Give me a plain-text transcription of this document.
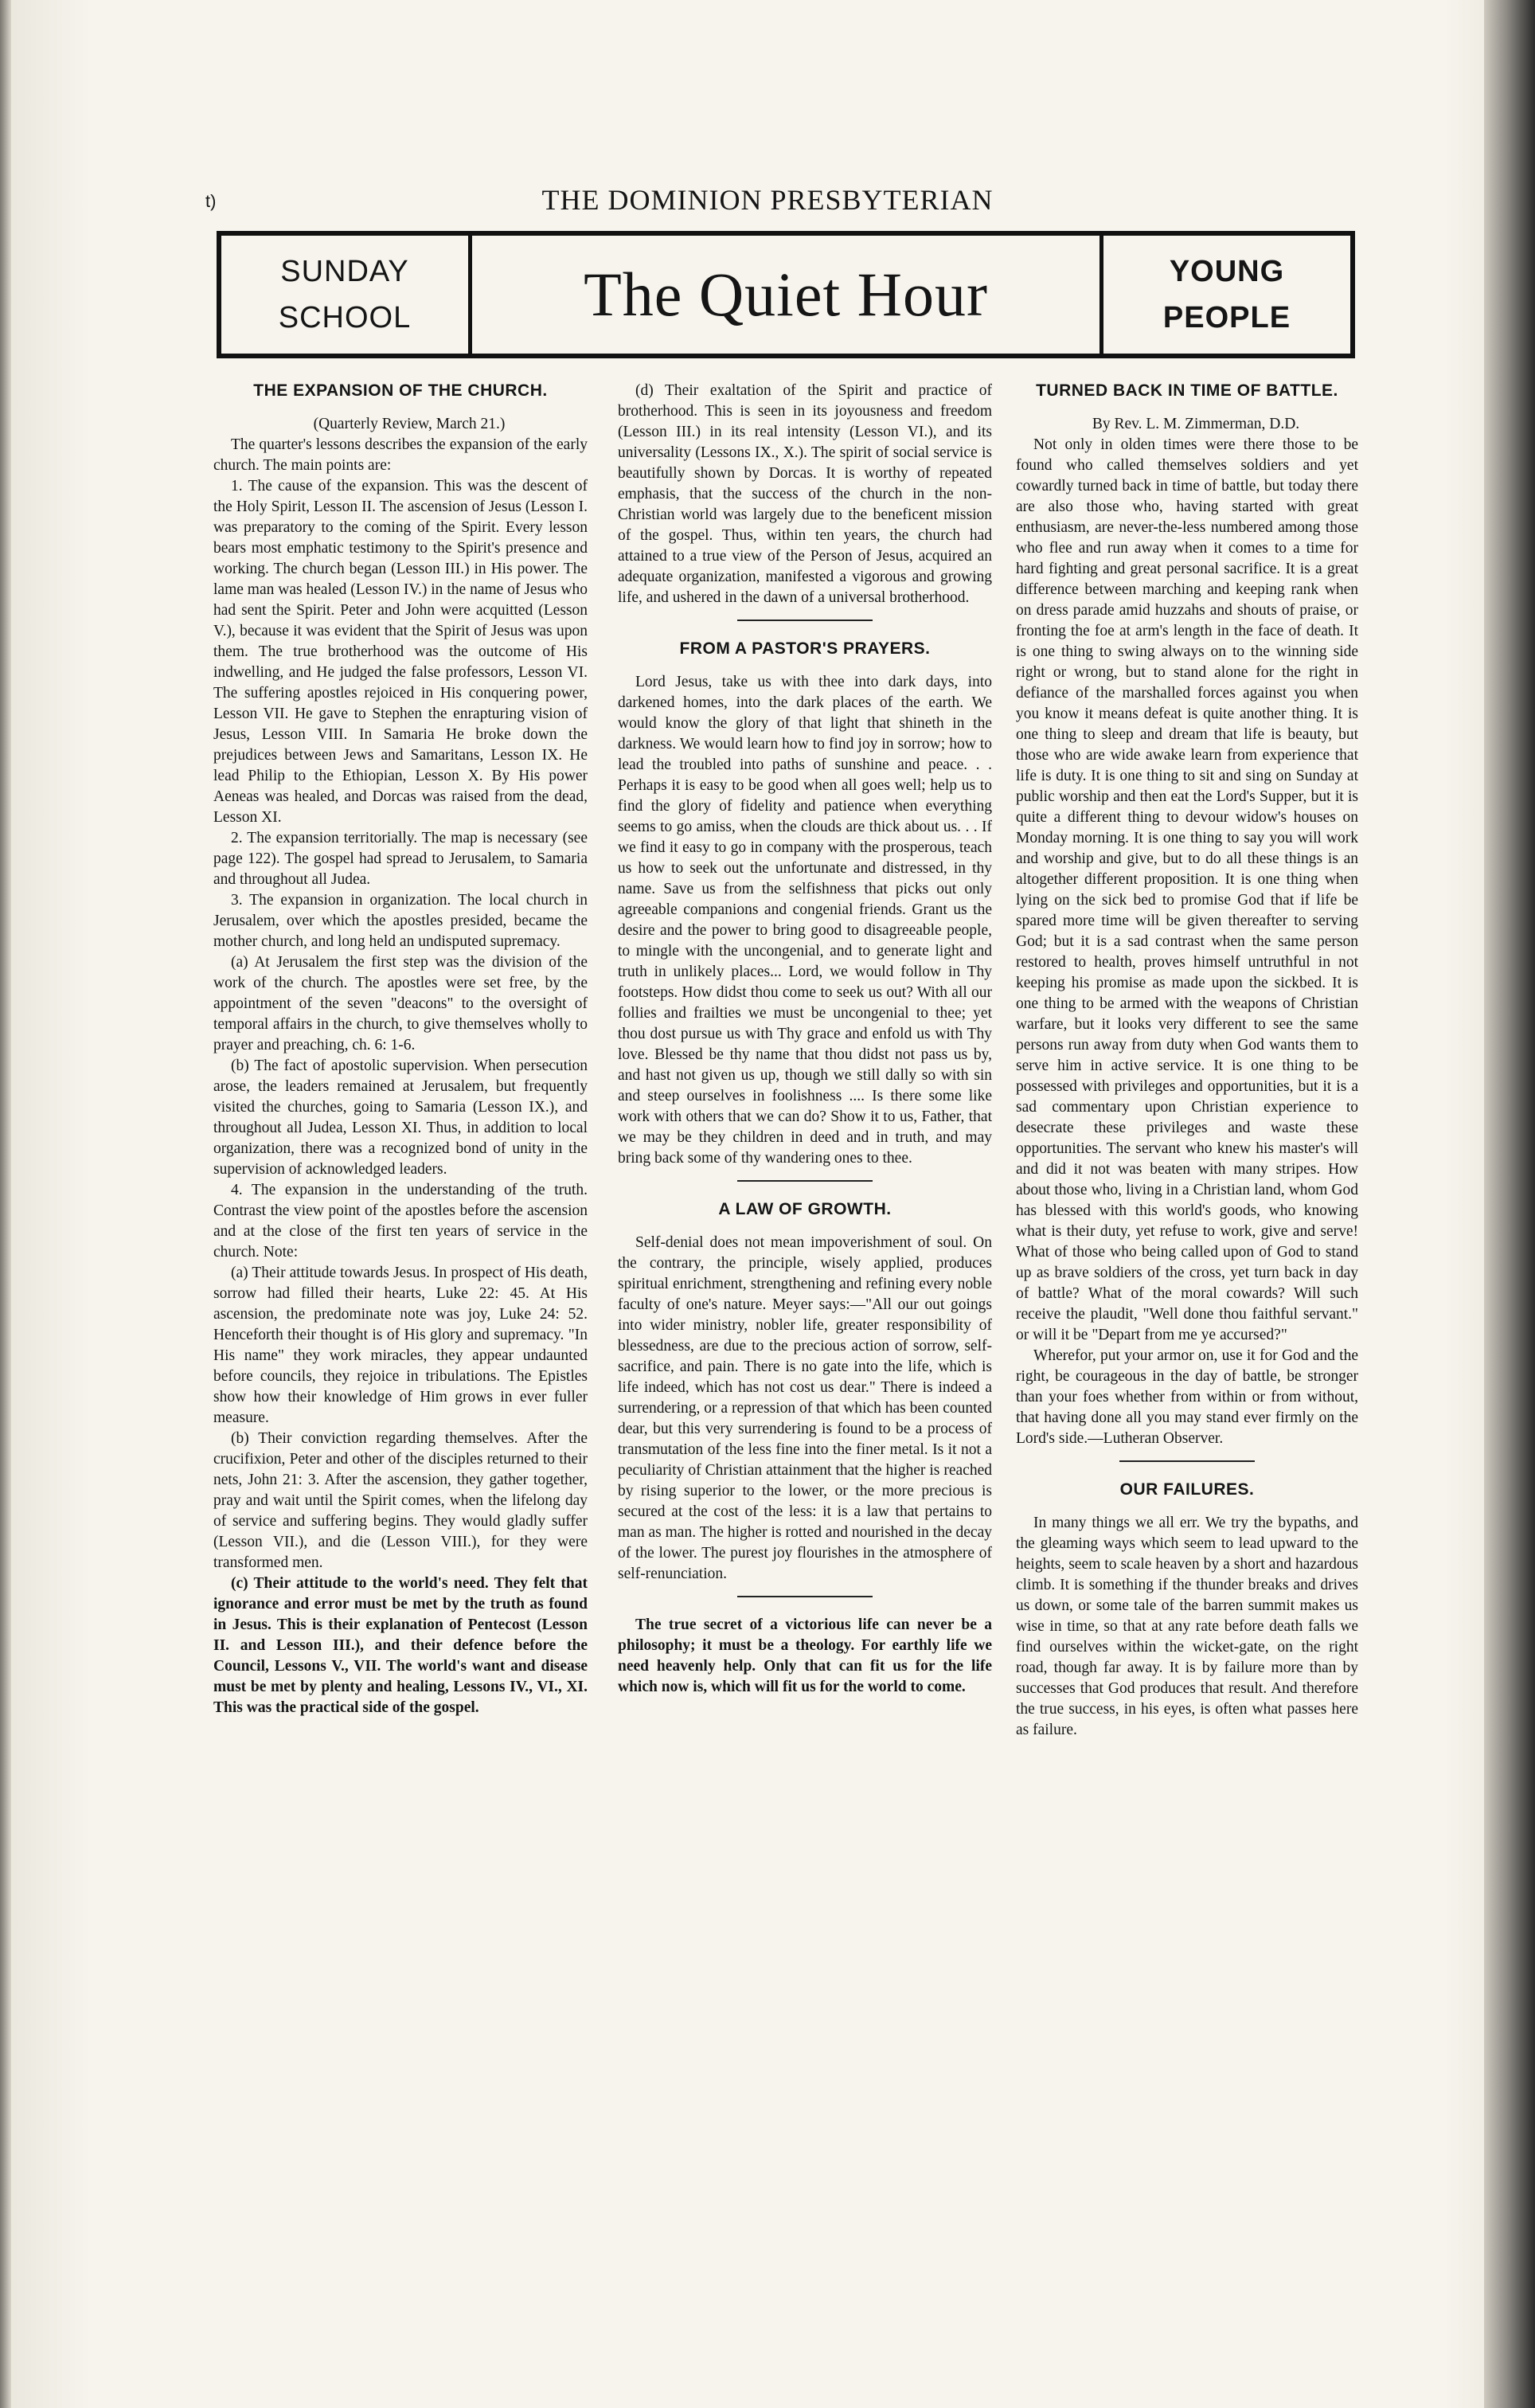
t)	THE DOMINION PRESBYTERIAN
SUNDAY
SCHOOL	The Quiet Hour	YOUNG
PEOPLE
THE EXPANSION OF THE CHURCH.

(Quarterly Review, March 21.)

The quarter's lessons describes the expansion of the early church. The main points are:

1. The cause of the expansion. This was the descent of the Holy Spirit, Lesson II. The ascension of Jesus (Lesson I. was preparatory to the coming of the Spirit. Every lesson bears most emphatic testimony to the Spirit's presence and working. The church began (Lesson III.) in His power. The lame man was healed (Lesson IV.) in the name of Jesus who had sent the Spirit. Peter and John were acquitted (Lesson V.), because it was evident that the Spirit of Jesus was upon them. The true brotherhood was the outcome of His indwelling, and He judged the false professors, Lesson VI. The suffering apostles rejoiced in His conquering power, Lesson VII. He gave to Stephen the enrapturing vision of Jesus, Lesson VIII. In Samaria He broke down the prejudices between Jews and Samaritans, Lesson IX. He lead Philip to the Ethiopian, Lesson X. By His power Aeneas was healed, and Dorcas was raised from the dead, Lesson XI.

2. The expansion territorially. The map is necessary (see page 122). The gospel had spread to Jerusalem, to Samaria and throughout all Judea.

3. The expansion in organization. The local church in Jerusalem, over which the apostles presided, became the mother church, and long held an undisputed supremacy.

(a) At Jerusalem the first step was the division of the work of the church. The apostles were set free, by the appointment of the seven "deacons" to the oversight of temporal affairs in the church, to give themselves wholly to prayer and preaching, ch. 6: 1-6.

(b) The fact of apostolic supervision. When persecution arose, the leaders remained at Jerusalem, but frequently visited the churches, going to Samaria (Lesson IX.), and throughout all Judea, Lesson XI. Thus, in addition to local organization, there was a recognized bond of unity in the supervision of acknowledged leaders.

4. The expansion in the understanding of the truth. Contrast the view point of the apostles before the ascension and at the close of the first ten years of service in the church. Note:

(a) Their attitude towards Jesus. In prospect of His death, sorrow had filled their hearts, Luke 22: 45. At His ascension, the predominate note was joy, Luke 24: 52. Henceforth their thought is of His glory and supremacy. "In His name" they work miracles, they appear undaunted before councils, they rejoice in tribulations. The Epistles show how their knowledge of Him grows in ever fuller measure.

(b) Their conviction regarding themselves. After the crucifixion, Peter and other of the disciples returned to their nets, John 21: 3. After the ascension, they gather together, pray and wait until the Spirit comes, when the lifelong day of service and suffering begins. They would gladly suffer (Lesson VII.), and die (Lesson VIII.), for they were transformed men.

(c) Their attitude to the world's need. They felt that ignorance and error must be met by the truth as found in Jesus. This is their explanation of Pentecost (Lesson II. and Lesson III.), and their defence before the Council, Lessons V., VII. The world's want and disease must be met by plenty and healing, Lessons IV., VI., XI. This was the practical side of the gospel.

(d) Their exaltation of the Spirit and practice of brotherhood. This is seen in its joyousness and freedom (Lesson III.) in its real intensity (Lesson VI.), and its universality (Lessons IX., X.). The spirit of social service is beautifully shown by Dorcas. It is worthy of repeated emphasis, that the success of the church in the non-Christian world was largely due to the beneficent mission of the gospel. Thus, within ten years, the church had attained to a true view of the Person of Jesus, acquired an adequate organization, manifested a vigorous and growing life, and ushered in the dawn of a universal brotherhood.

FROM A PASTOR'S PRAYERS.

Lord Jesus, take us with thee into dark days, into darkened homes, into the dark places of the earth. We would know the glory of that light that shineth in the darkness. We would learn how to find joy in sorrow; how to lead the troubled into paths of sunshine and peace. . . Perhaps it is easy to be good when all goes well; help us to find the glory of fidelity and patience when everything seems to go amiss, when the clouds are thick about us. . . If we find it easy to go in company with the prosperous, teach us how to seek out the unfortunate and distressed, in thy name. Save us from the selfishness that picks out only agreeable companions and congenial friends. Grant us the desire and the power to bring good to disagreeable people, to mingle with the uncongenial, and to generate light and truth in unlikely places... Lord, we would follow in Thy footsteps. How didst thou come to seek us out? With all our follies and frailties we must be uncongenial to thee; yet thou dost pursue us with Thy grace and enfold us with Thy love. Blessed be thy name that thou didst not pass us by, and hast not given us up, though we still dally so with sin and steep ourselves in foolishness .... Is there some like work with others that we can do? Show it to us, Father, that we may be they children in deed and in truth, and may bring back some of thy wandering ones to thee.

A LAW OF GROWTH.

Self-denial does not mean impoverishment of soul. On the contrary, the principle, wisely applied, produces spiritual enrichment, strengthening and refining every noble faculty of one's nature. Meyer says:—"All our out goings into wider ministry, nobler life, greater responsibility of blessedness, are due to the precious action of sorrow, self-sacrifice, and pain. There is no gate into the life, which is life indeed, which has not cost us dear." There is indeed a surrendering, or a repression of that which has been counted dear, but this very surrendering is found to be a process of transmutation of the less fine into the finer metal. Is it not a peculiarity of Christian attainment that the higher is reached by rising superior to the lower, or the more precious is secured at the cost of the less: it is a law that pertains to man as man. The higher is rotted and nourished in the decay of the lower. The purest joy flourishes in the atmosphere of self-renunciation.

The true secret of a victorious life can never be a philosophy; it must be a theology. For earthly life we need heavenly help. Only that can fit us for the life which now is, which will fit us for the world to come.

TURNED BACK IN TIME OF BATTLE.

By Rev. L. M. Zimmerman, D.D.

Not only in olden times were there those to be found who called themselves soldiers and yet cowardly turned back in time of battle, but today there are also those who, having started with great enthusiasm, are never-the-less numbered among those who flee and run away when it comes to a time for hard fighting and great personal sacrifice. It is a great difference between marching and keeping rank when on dress parade amid huzzahs and shouts of praise, or fronting the foe at arm's length in the face of death. It is one thing to swing always on to the winning side right or wrong, but to stand alone for the right in defiance of the marshalled forces against you when you know it means defeat is quite another thing. It is one thing to sleep and dream that life is beauty, but those who are wide awake learn from experience that life is duty. It is one thing to sit and sing on Sunday at public worship and then eat the Lord's Supper, but it is quite a different thing to devour widow's houses on Monday morning. It is one thing to say you will work and worship and give, but to do all these things is an altogether different proposition. It is one thing when lying on the sick bed to promise God that if life be spared more time will be given thereafter to serving God; but it is a sad contrast when the same person restored to health, proves himself untruthful in not keeping his promise as made upon the sickbed. It is one thing to be armed with the weapons of Christian warfare, but it looks very different to see the same persons run away from duty when God wants them to serve him in active service. It is one thing to be possessed with privileges and opportunities, but it is a sad commentary upon Christian experience to desecrate these privileges and waste these opportunities. The servant who knew his master's will and did it not was beaten with many stripes. How about those who, living in a Christian land, whom God has blessed with this world's goods, who knowing what is their duty, yet refuse to work, give and serve! What of those who being called upon of God to stand up as brave soldiers of the cross, yet turn back in day of battle? What of the moral cowards? Will such receive the plaudit, "Well done thou faithful servant." or will it be "Depart from me ye accursed?"

Wherefor, put your armor on, use it for God and the right, be courageous in the day of battle, be stronger than your foes whether from within or from without, that having done all you may stand ever firmly on the Lord's side.—Lutheran Observer.

OUR FAILURES.

In many things we all err. We try the bypaths, and the gleaming ways which seem to lead upward to the heights, seem to scale heaven by a short and hazardous climb. It is something if the thunder breaks and drives us down, or some tale of the barren summit makes us wise in time, so that at any rate before death falls we find ourselves within the wicket-gate, on the right road, though far away. It is by failure more than by successes that God produces that result. And therefore the true success, in his eyes, is often what passes here as failure.
